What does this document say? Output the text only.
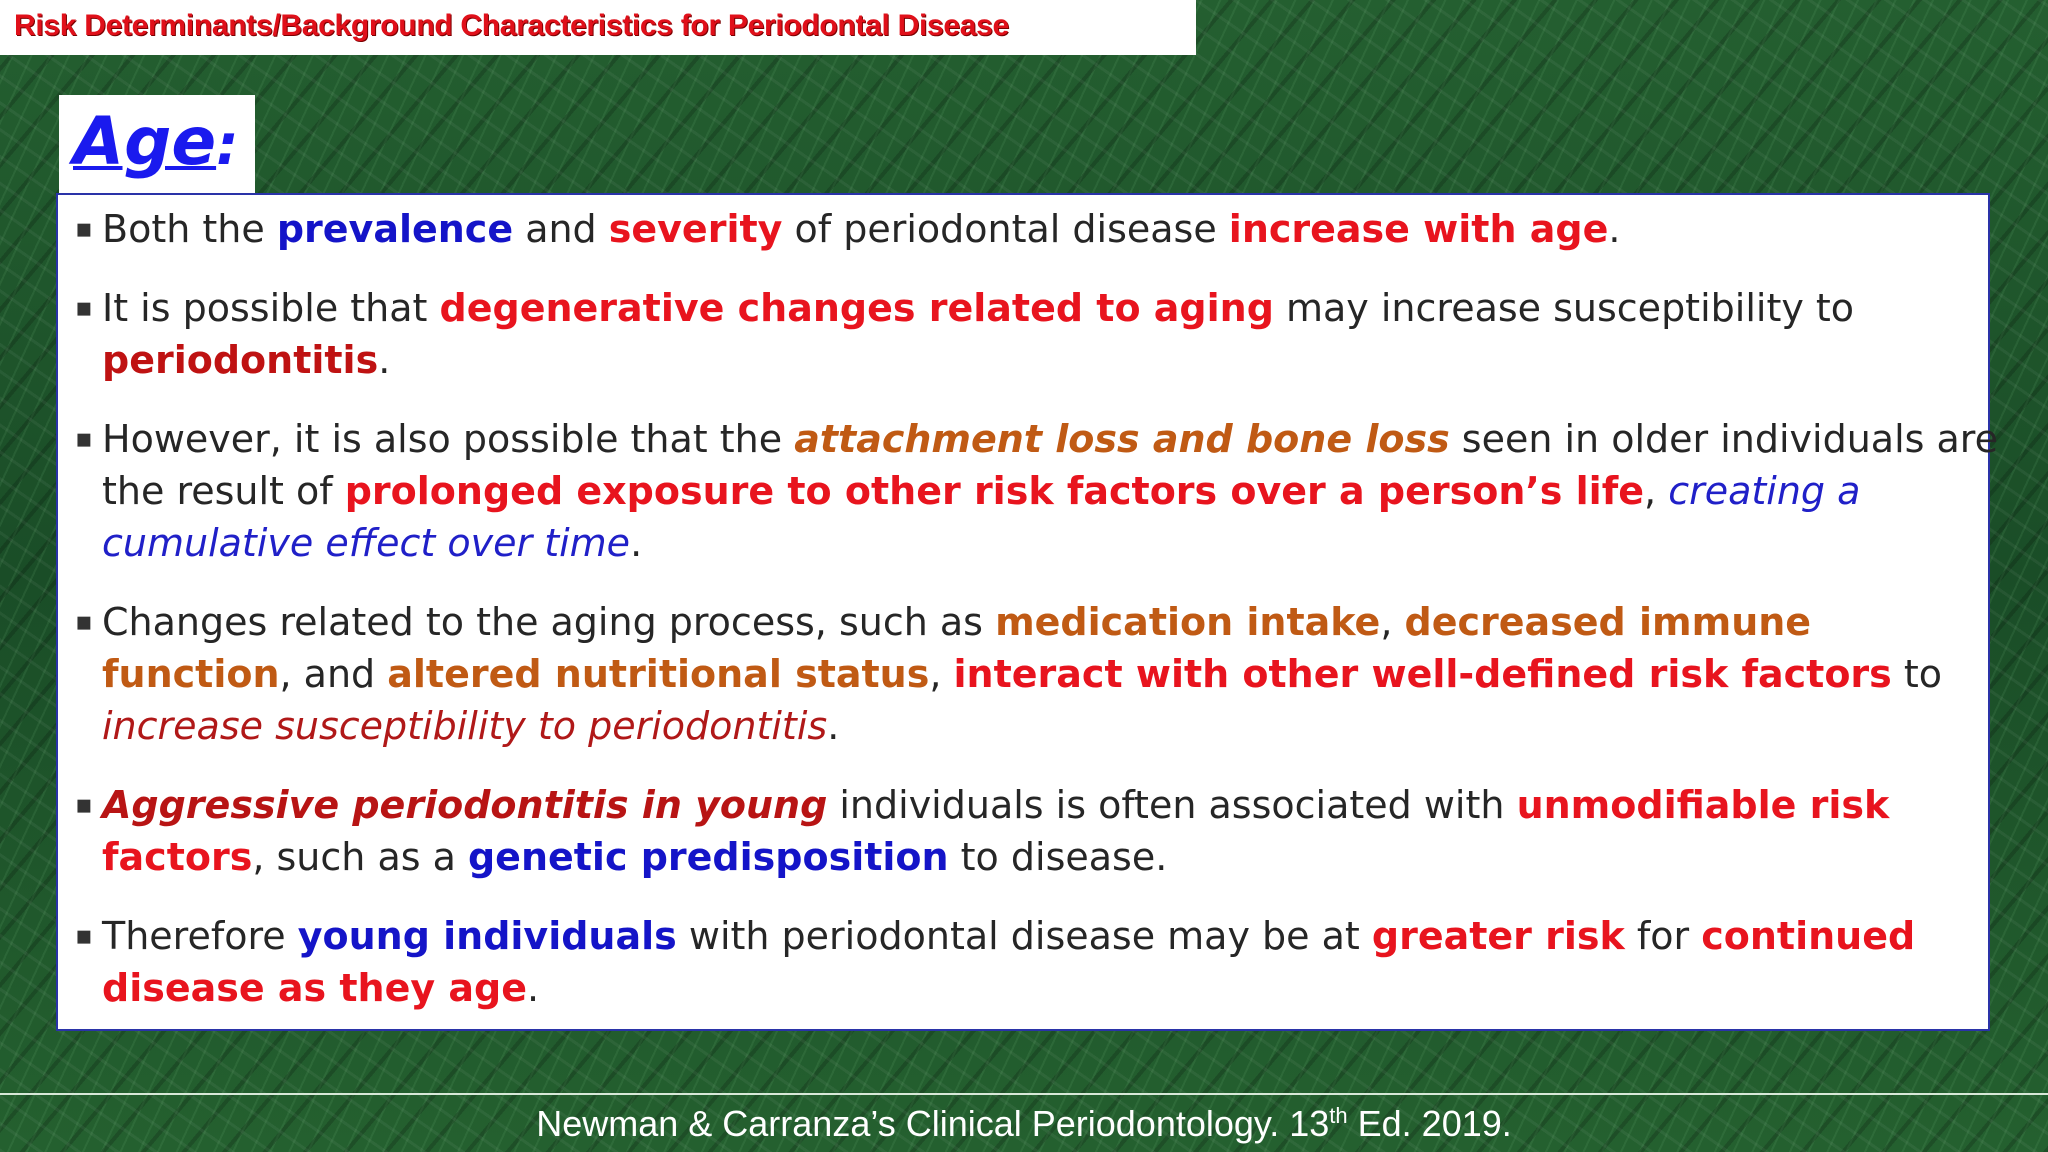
Risk Determinants/Background Characteristics for Periodontal Disease
Age:
▪ Both the prevalence and severity of periodontal disease increase with age.
▪ It is possible that degenerative changes related to aging may increase susceptibility to periodontitis.
▪ However, it is also possible that the attachment loss and bone loss seen in older individuals are the result of prolonged exposure to other risk factors over a person’s life, creating a cumulative effect over time.
▪ Changes related to the aging process, such as medication intake, decreased immune function, and altered nutritional status, interact with other well-defined risk factors to increase susceptibility to periodontitis.
▪ Aggressive periodontitis in young individuals is often associated with unmodifiable risk factors, such as a genetic predisposition to disease.
▪ Therefore young individuals with periodontal disease may be at greater risk for continued disease as they age.
Newman & Carranza’s Clinical Periodontology. 13th Ed. 2019.
